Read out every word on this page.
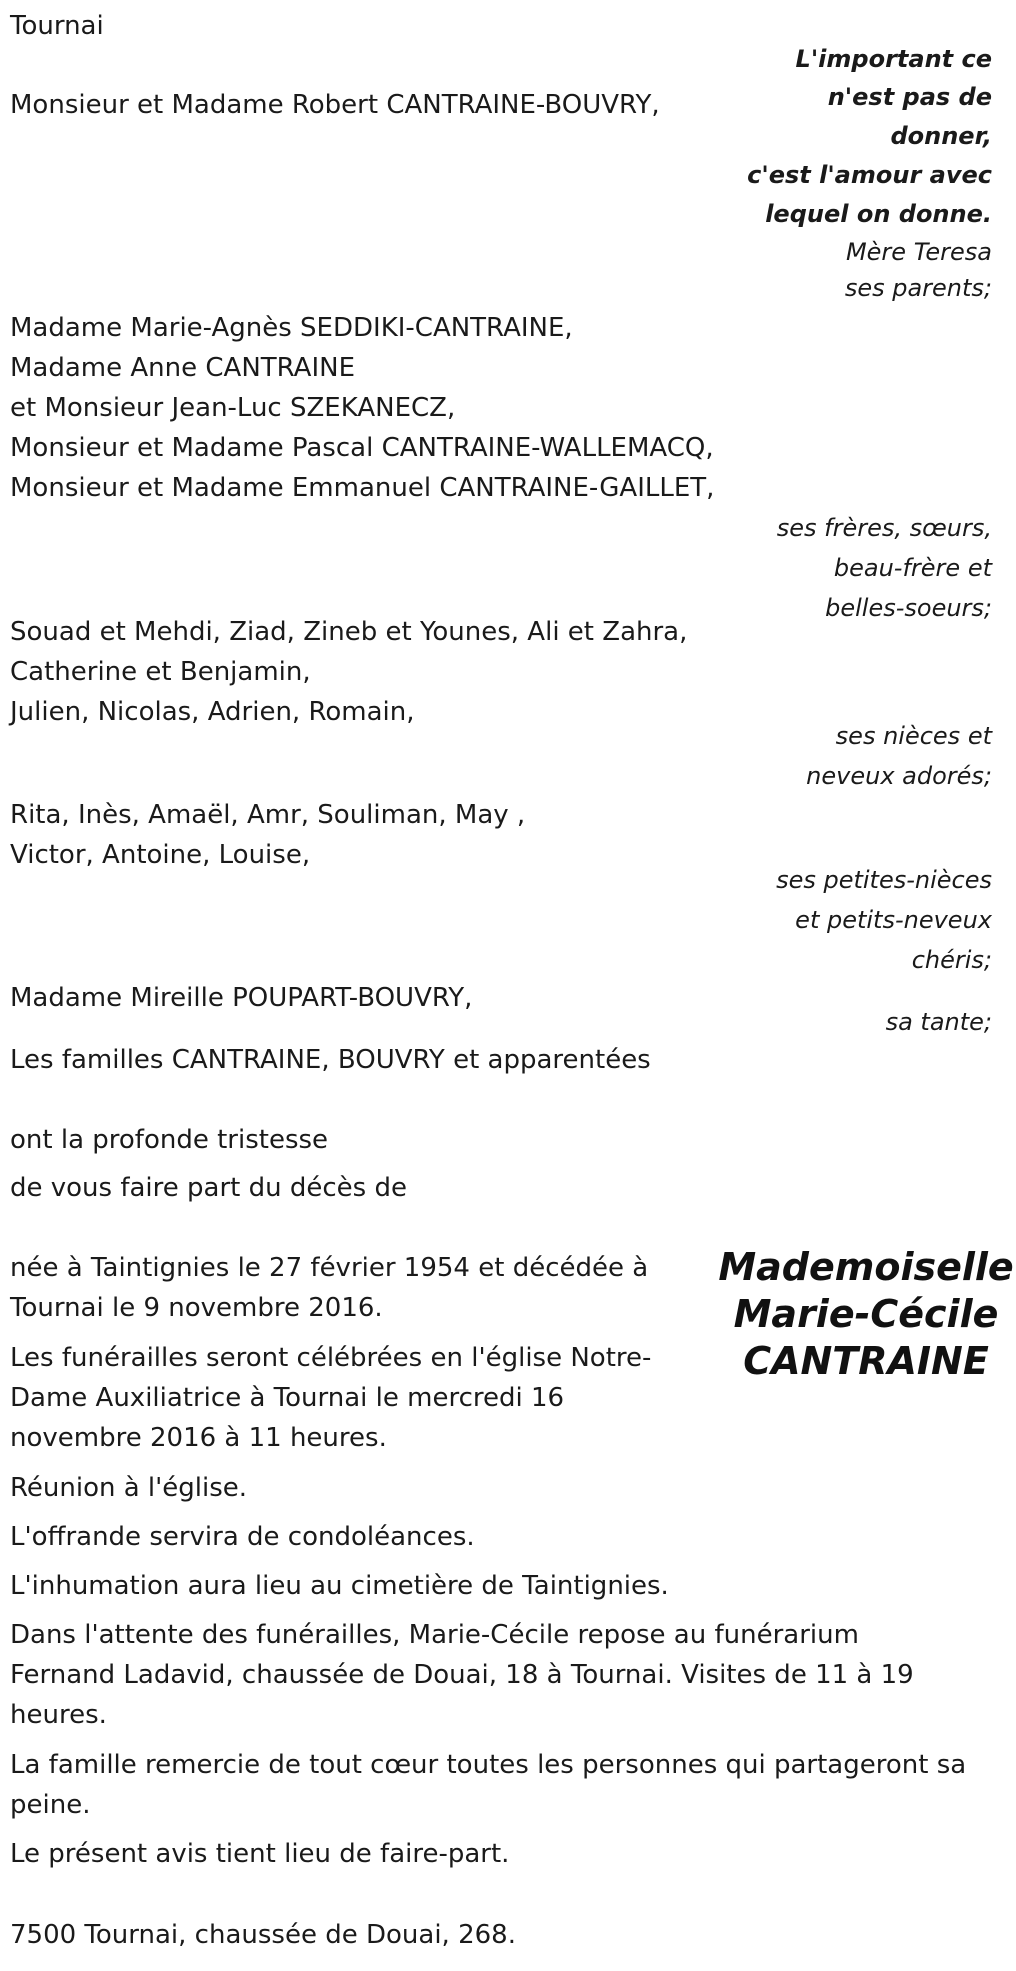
Tournai

L'important ce

n'est pas de

donner,

c'est l'amour avec

lequel on donne.

Mère Teresa

Monsieur et Madame Robert CANTRAINE-BOUVRY,

ses parents;

Madame Marie-Agnès SEDDIKI-CANTRAINE,

Madame Anne CANTRAINE

et Monsieur Jean-Luc SZEKANECZ,

Monsieur et Madame Pascal CANTRAINE-WALLEMACQ,

Monsieur et Madame Emmanuel CANTRAINE-GAILLET,

ses frères, sœurs,

beau-frère et

belles-soeurs;

Souad et Mehdi, Ziad, Zineb et Younes, Ali et Zahra,

Catherine et Benjamin,

Julien, Nicolas, Adrien, Romain,

ses nièces et

neveux adorés;

Rita, Inès, Amaël, Amr, Souliman, May ,

Victor, Antoine, Louise,

ses petites-nièces

et petits-neveux

chéris;

Madame Mireille POUPART-BOUVRY,

sa tante;

Les familles CANTRAINE, BOUVRY et apparentées

ont la profonde tristesse

de vous faire part du décès de

Mademoiselle
Marie-Cécile
CANTRAINE

née à Taintignies le 27 février 1954 et décédée à Tournai le 9 novembre 2016.

Les funérailles seront célébrées en l'église Notre-Dame Auxiliatrice à Tournai le mercredi 16 novembre 2016 à 11 heures.

Réunion à l'église.

L'offrande servira de condoléances.

L'inhumation aura lieu au cimetière de Taintignies.

Dans l'attente des funérailles, Marie-Cécile repose au funérarium Fernand Ladavid, chaussée de Douai, 18 à Tournai. Visites de 11 à 19 heures.

La famille remercie de tout cœur toutes les personnes qui partageront sa peine.

Le présent avis tient lieu de faire-part.

7500 Tournai, chaussée de Douai, 268.
